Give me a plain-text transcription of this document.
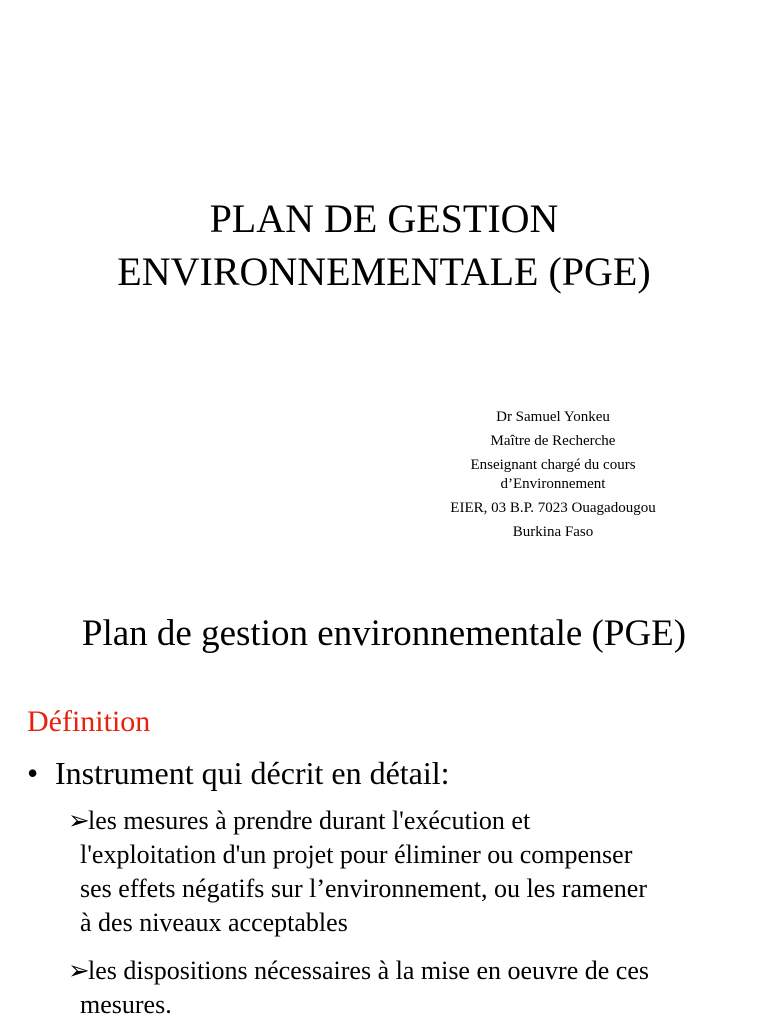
PLAN DE GESTION
ENVIRONNEMENTALE (PGE)
Dr Samuel Yonkeu
Maître de Recherche
Enseignant chargé du cours
d’Environnement
EIER, 03 B.P. 7023 Ouagadougou
Burkina Faso
Plan de gestion environnementale (PGE)
Définition
• Instrument qui décrit en détail:
➢les mesures à prendre durant l'exécution et
l'exploitation d'un projet pour éliminer ou compenser
ses effets négatifs sur l’environnement, ou les ramener
à des niveaux acceptables
➢les dispositions nécessaires à la mise en oeuvre de ces
mesures.
